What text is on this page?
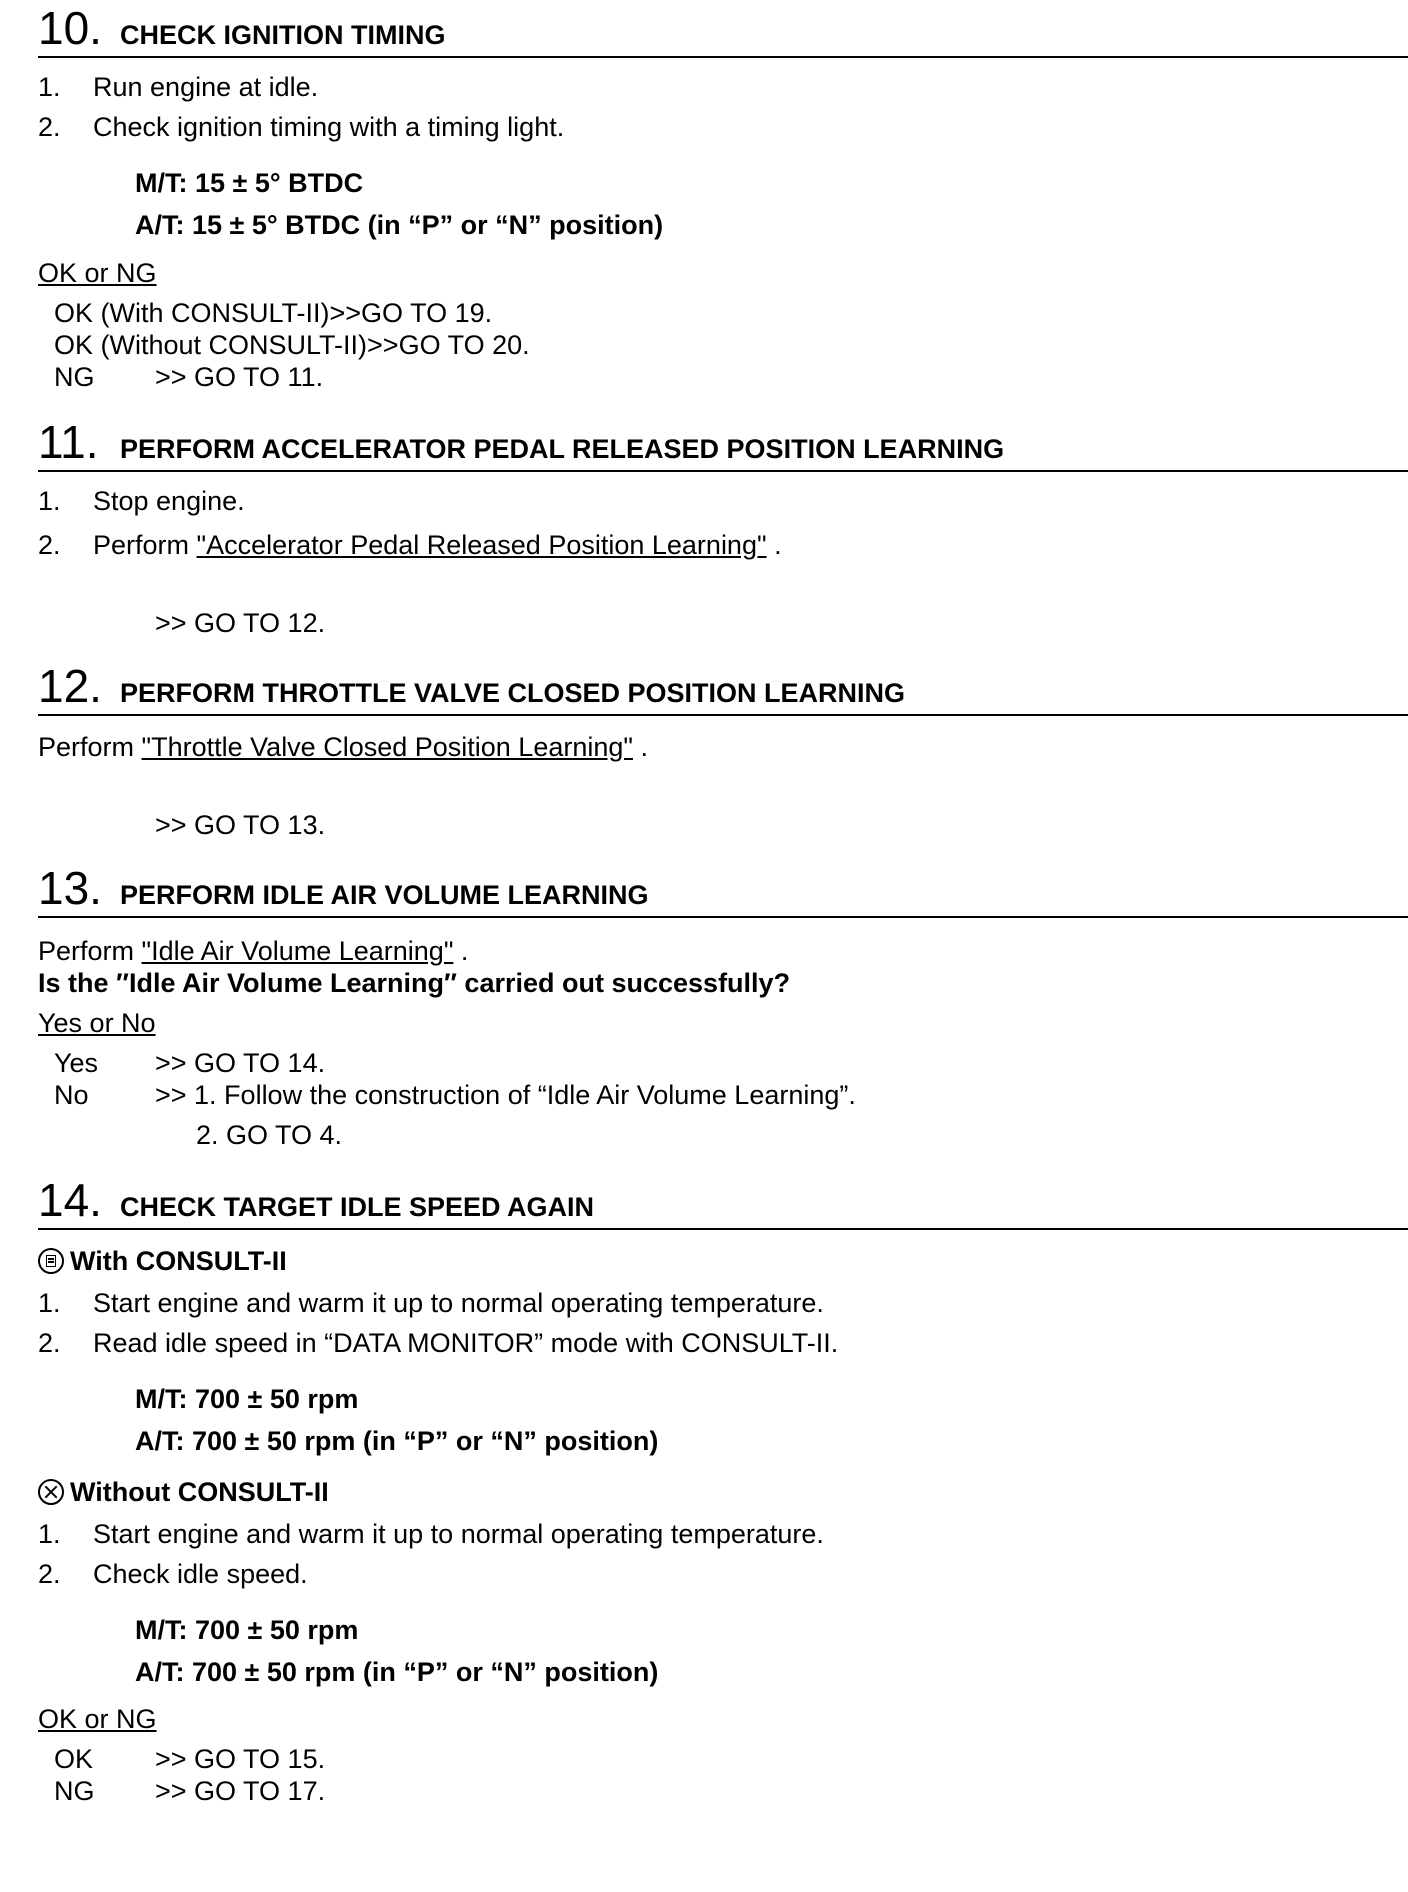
10. CHECK IGNITION TIMING
1. Run engine at idle.
2. Check ignition timing with a timing light.
M/T: 15 ± 5° BTDC
A/T: 15 ± 5° BTDC (in “P” or “N” position)
OK or NG
OK (With CONSULT-II)>>GO TO 19.
OK (Without CONSULT-II)>>GO TO 20.
NG >> GO TO 11.
11. PERFORM ACCELERATOR PEDAL RELEASED POSITION LEARNING
1. Stop engine.
2. Perform "Accelerator Pedal Released Position Learning" .
>> GO TO 12.
12. PERFORM THROTTLE VALVE CLOSED POSITION LEARNING
Perform "Throttle Valve Closed Position Learning" .
>> GO TO 13.
13. PERFORM IDLE AIR VOLUME LEARNING
Perform "Idle Air Volume Learning" .
Is the ″Idle Air Volume Learning″ carried out successfully?
Yes or No
Yes >> GO TO 14.
No >> 1. Follow the construction of “Idle Air Volume Learning”.
2. GO TO 4.
14. CHECK TARGET IDLE SPEED AGAIN
With CONSULT-II
1. Start engine and warm it up to normal operating temperature.
2. Read idle speed in “DATA MONITOR” mode with CONSULT-II.
M/T: 700 ± 50 rpm
A/T: 700 ± 50 rpm (in “P” or “N” position)
Without CONSULT-II
1. Start engine and warm it up to normal operating temperature.
2. Check idle speed.
M/T: 700 ± 50 rpm
A/T: 700 ± 50 rpm (in “P” or “N” position)
OK or NG
OK >> GO TO 15.
NG >> GO TO 17.
